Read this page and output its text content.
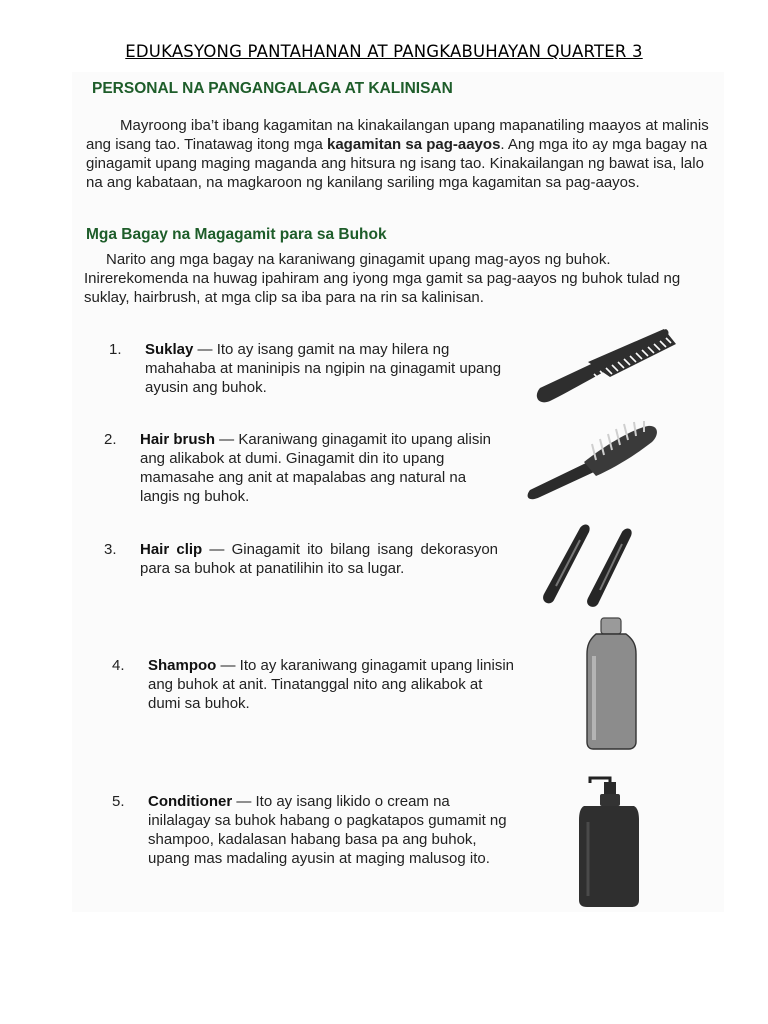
EDUKASYONG PANTAHANAN AT PANGKABUHAYAN QUARTER 3
PERSONAL NA PANGANGALAGA AT KALINISAN
Mayroong iba’t ibang kagamitan na kinakailangan upang mapanatiling maayos at malinis ang isang tao. Tinatawag itong mga kagamitan sa pag-aayos. Ang mga ito ay mga bagay na ginagamit upang maging maganda ang hitsura ng isang tao. Kinakailangan ng bawat isa, lalo na ang kabataan, na magkaroon ng kanilang sariling mga kagamitan sa pag-aayos.
Mga Bagay na Magagamit para sa Buhok
Narito ang mga bagay na karaniwang ginagamit upang mag-ayos ng buhok. Inirerekomenda na huwag ipahiram ang iyong mga gamit sa pag-aayos ng buhok tulad ng suklay, hairbrush, at mga clip sa iba para na rin sa kalinisan.
1. Suklay — Ito ay isang gamit na may hilera ng mahahaba at maninipis na ngipin na ginagamit upang ayusin ang buhok.
2. Hair brush — Karaniwang ginagamit ito upang alisin ang alikabok at dumi. Ginagamit din ito upang mamasahe ang anit at mapalabas ang natural na langis ng buhok.
3. Hair clip — Ginagamit ito bilang isang dekorasyon para sa buhok at panatilihin ito sa lugar.
4. Shampoo — Ito ay karaniwang ginagamit upang linisin ang buhok at anit. Tinatanggal nito ang alikabok at dumi sa buhok.
5. Conditioner — Ito ay isang likido o cream na inilalagay sa buhok habang o pagkatapos gumamit ng shampoo, kadalasan habang basa pa ang buhok, upang mas madaling ayusin at maging malusog ito.
